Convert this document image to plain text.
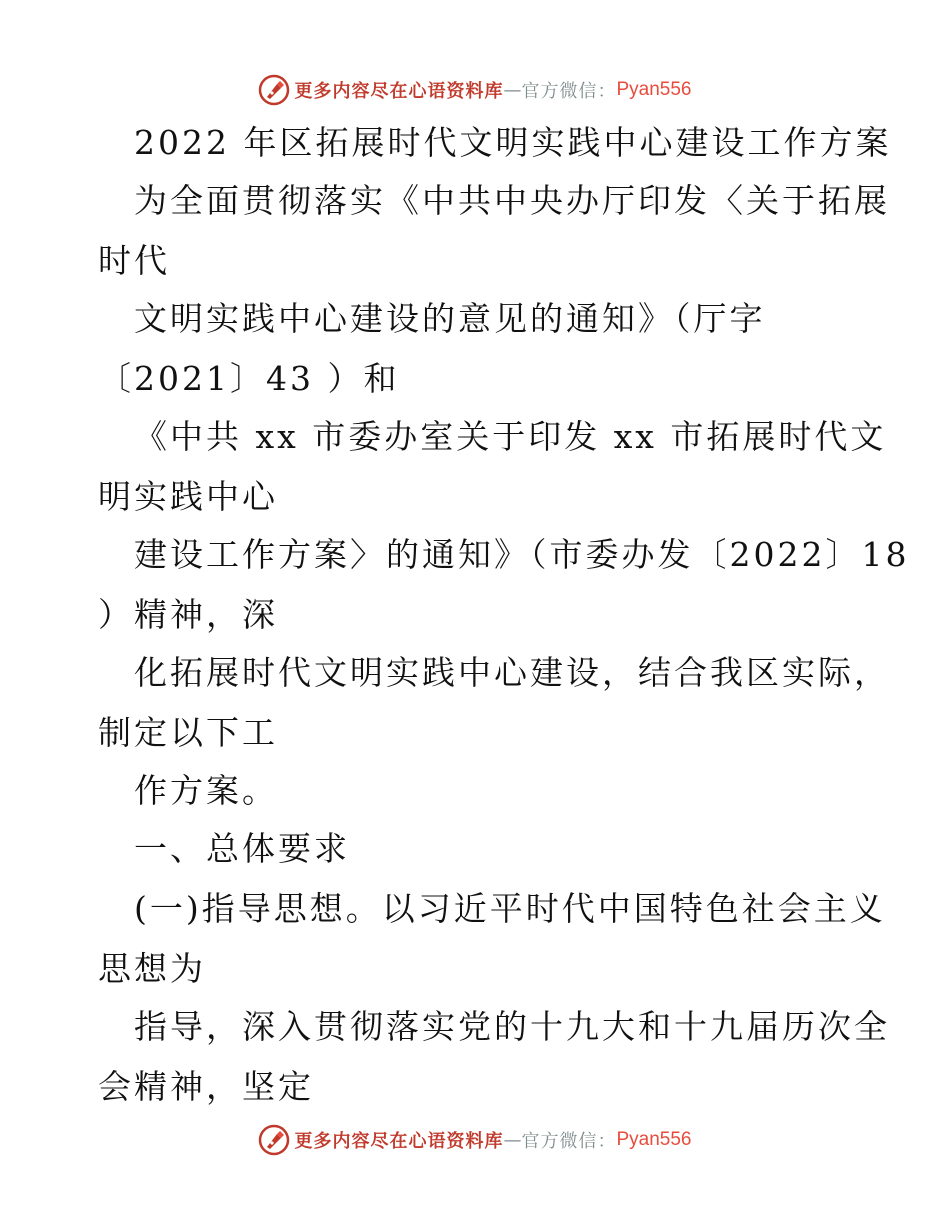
更多内容尽在心语资料库 — 官方微信： Pyan556
2022 年区拓展时代文明实践中心建设工作方案
为全面贯彻落实《中共中央办厅印发〈关于拓展
时代
文明实践中心建设的意见的通知》（厅字
〔2021〕43 ）和
《中共 xx 市委办室关于印发 xx 市拓展时代文
明实践中心
建设工作方案〉的通知》（市委办发〔2022〕18
）精神，深
化拓展时代文明实践中心建设，结合我区实际，
制定以下工
作方案。
一、总体要求
(一)指导思想。以习近平时代中国特色社会主义
思想为
指导，深入贯彻落实党的十九大和十九届历次全
会精神，坚定
更多内容尽在心语资料库 — 官方微信： Pyan556
